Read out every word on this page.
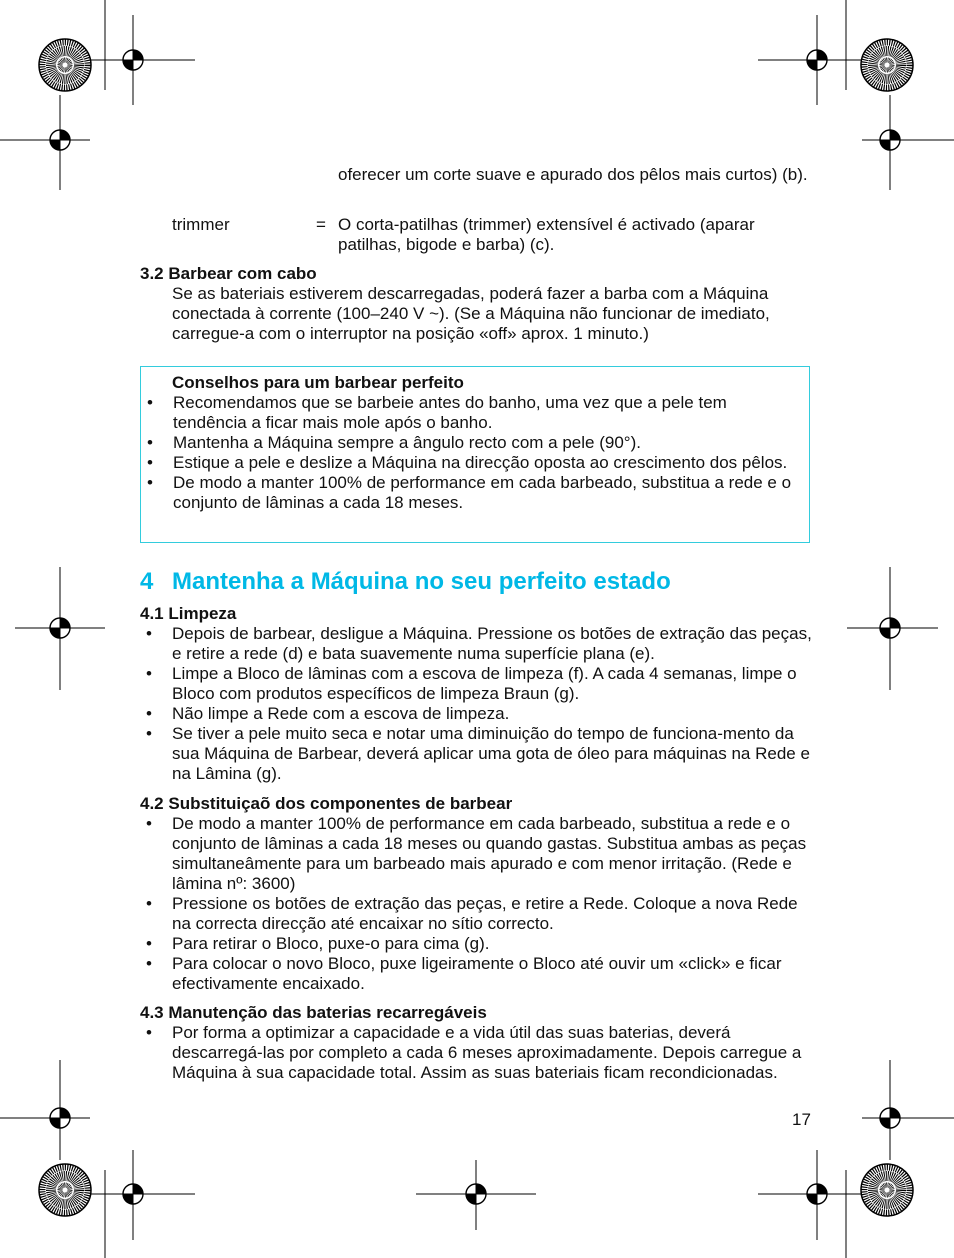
oferecer um corte suave e apurado dos pêlos mais curtos) (b).
trimmer	= O corta-patilhas (trimmer) extensível é activado (aparar patilhas, bigode e barba) (c).
3.2 Barbear com cabo
Se as bateriais estiverem descarregadas, poderá fazer a barba com a Máquina conectada à corrente (100–240 V ~). (Se a Máquina não funcionar de imediato, carregue-a com o interruptor na posição «off» aprox. 1 minuto.)
Conselhos para um barbear perfeito
• Recomendamos que se barbeie antes do banho, uma vez que a pele tem tendência a ficar mais mole após o banho.
• Mantenha a Máquina sempre a ângulo recto com a pele (90°).
• Estique a pele e deslize a Máquina na direcção oposta ao crescimento dos pêlos.
• De modo a manter 100% de performance em cada barbeado, substitua a rede e o conjunto de lâminas a cada 18 meses.
4 Mantenha a Máquina no seu perfeito estado
4.1 Limpeza
• Depois de barbear, desligue a Máquina. Pressione os botões de extração das peças, e retire a rede (d) e bata suavemente numa superfície plana (e).
• Limpe a Bloco de lâminas com a escova de limpeza (f). A cada 4 semanas, limpe o Bloco com produtos específicos de limpeza Braun (g).
• Não limpe a Rede com a escova de limpeza.
• Se tiver a pele muito seca e notar uma diminuição do tempo de funciona-mento da sua Máquina de Barbear, deverá aplicar uma gota de óleo para máquinas na Rede e na Lâmina (g).
4.2 Substituiçaõ dos componentes de barbear
• De modo a manter 100% de performance em cada barbeado, substitua a rede e o conjunto de lâminas a cada 18 meses ou quando gastas. Substitua ambas as peças simultaneâmente para um barbeado mais apurado e com menor irritação. (Rede e lâmina nº: 3600)
• Pressione os botões de extração das peças, e retire a Rede. Coloque a nova Rede na correcta direcção até encaixar no sítio correcto.
• Para retirar o Bloco, puxe-o para cima (g).
• Para colocar o novo Bloco, puxe ligeiramente o Bloco até ouvir um «click» e ficar efectivamente encaixado.
4.3 Manutenção das baterias recarregáveis
• Por forma a optimizar a capacidade e a vida útil das suas baterias, deverá descarregá-las por completo a cada 6 meses aproximadamente. Depois carregue a Máquina à sua capacidade total. Assim as suas bateriais ficam recondicionadas.
17
